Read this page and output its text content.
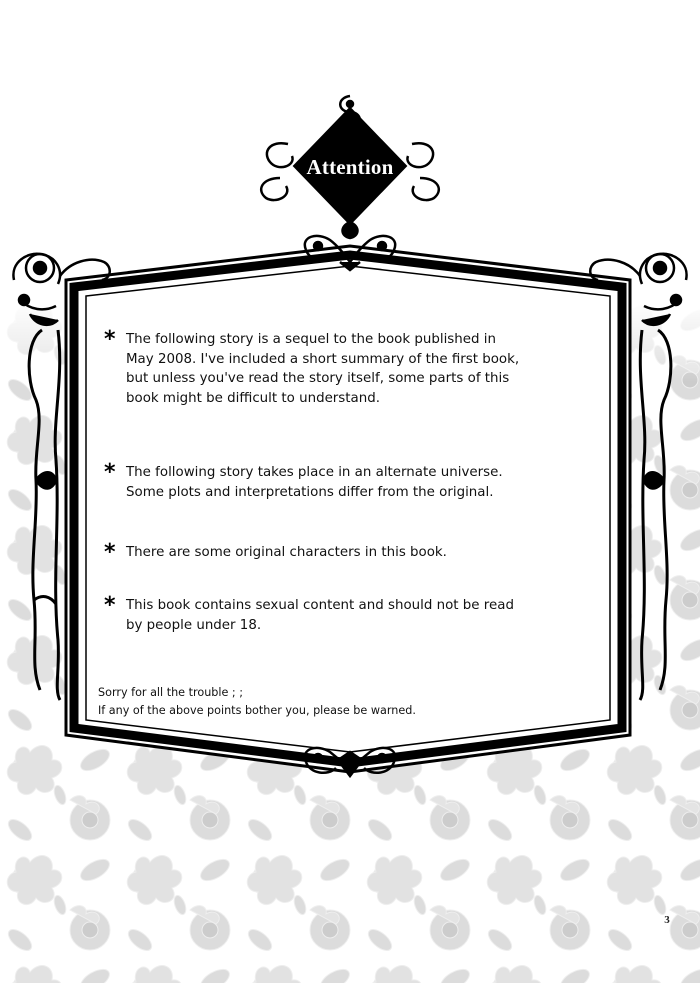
Attention
* The following story is a sequel to the book published in May 2008. I've included a short summary of the first book, but unless you've read the story itself, some parts of this book might be difficult to understand.
* The following story takes place in an alternate universe. Some plots and interpretations differ from the original.
* There are some original characters in this book.
* This book contains sexual content and should not be read by people under 18.
Sorry for all the trouble ; ;
If any of the above points bother you, please be warned.
3
